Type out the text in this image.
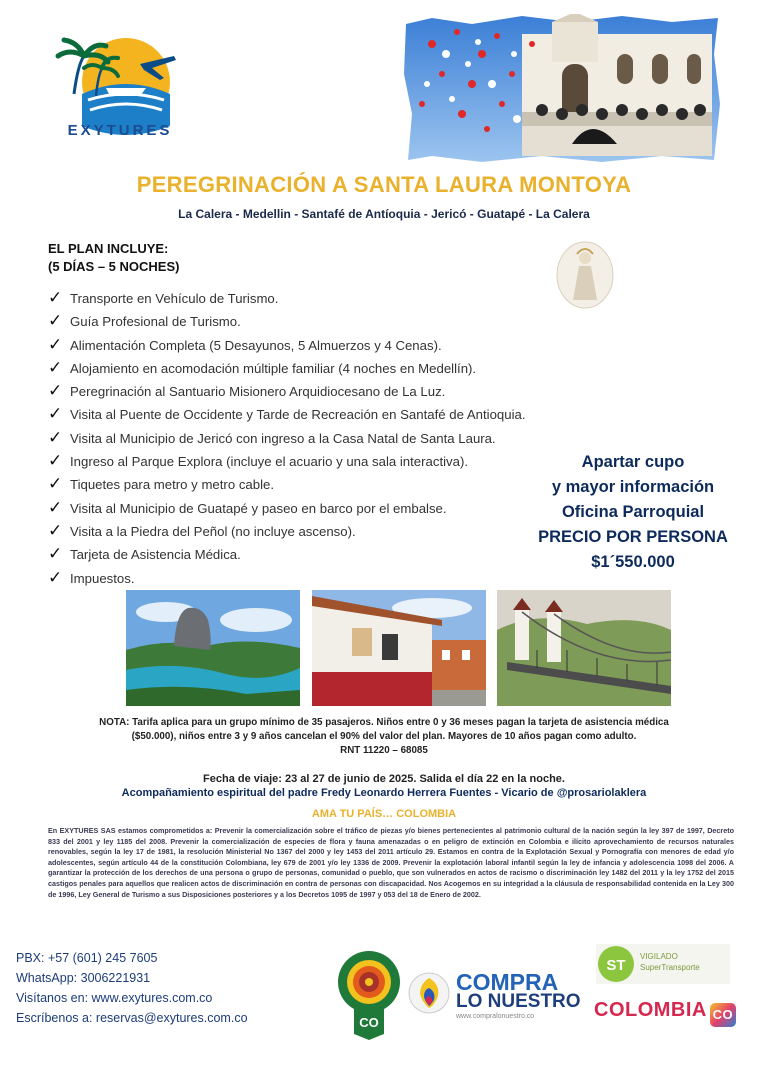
EXYTURES
PEREGRINACIÓN A SANTA LAURA MONTOYA
La Calera - Medellin - Santafé de Antíoquia - Jericó - Guatapé - La Calera
EL PLAN INCLUYE:
(5 DÍAS – 5 NOCHES)
✓ Transporte en Vehículo de Turismo.
✓ Guía Profesional de Turismo.
✓ Alimentación Completa (5 Desayunos, 5 Almuerzos y 4 Cenas).
✓ Alojamiento en acomodación múltiple familiar (4 noches en Medellín).
✓ Peregrinación al Santuario Misionero Arquidiocesano de La Luz.
✓ Visita al Puente de Occidente y Tarde de Recreación en Santafé de Antioquia.
✓ Visita al Municipio de Jericó con ingreso a la Casa Natal de Santa Laura.
✓ Ingreso al Parque Explora (incluye el acuario y una sala interactiva).
✓ Tiquetes para metro y metro cable.
✓ Visita al Municipio de Guatapé y paseo en barco por el embalse.
✓ Visita a la Piedra del Peñol (no incluye ascenso).
✓ Tarjeta de Asistencia Médica.
✓ Impuestos.
Apartar cupo
y mayor información
Oficina Parroquial
PRECIO POR PERSONA
$1´550.000
NOTA: Tarifa aplica para un grupo mínimo de 35 pasajeros. Niños entre 0 y 36 meses pagan la tarjeta de asistencia médica
($50.000), niños entre 3 y 9 años cancelan el 90% del valor del plan. Mayores de 10 años pagan como adulto.
RNT 11220 – 68085
Fecha de viaje: 23 al 27 de junio de 2025. Salida el día 22 en la noche.
Acompañamiento espiritual del padre Fredy Leonardo Herrera Fuentes - Vicario de @prosariolaklera
AMA TU PAÍS… COLOMBIA
En EXYTURES SAS estamos comprometidos a: Prevenir la comercialización sobre el tráfico de piezas y/o bienes pertenecientes al patrimonio cultural de la nación según la ley 397 de 1997, Decreto 833 del 2001 y ley 1185 del 2008. Prevenir la comercialización de especies de flora y fauna amenazadas o en peligro de extinción en Colombia e ilícito aprovechamiento de recursos naturales renovables, según la ley 17 de 1981, la resolución Ministerial No 1367 del 2000 y ley 1453 del 2011 artículo 29. Estamos en contra de la Explotación Sexual y Pornografía con menores de edad y/o adolescentes, según artículo 44 de la constitución Colombiana, ley 679 de 2001 y/o ley 1336 de 2009. Prevenir la explotación laboral infantil según la ley de infancia y adolescencia 1098 del 2006. A garantizar la protección de los derechos de una persona o grupo de personas, comunidad o pueblo, que son vulnerados en actos de racismo o discriminación ley 1482 del 2011 y la ley 1752 del 2015 castigos penales para aquellos que realicen actos de discriminación en contra de personas con discapacidad. Nos Acogemos en su integridad a la cláusula de responsabilidad contenida en la Ley 300 de 1996, Ley General de Turismo a sus Disposiciones posteriores y a los Decretos 1095 de 1997 y 053 del 18 de Enero de 2002.
PBX: +57 (601) 245 7605
WhatsApp: 3006221931
Visítanos en: www.exytures.com.co
Escríbenos a: reservas@exytures.com.co	CO
COMPRA
LO NUESTRO
www.compralonuestro.co
ST
VIGILADO
SuperTransporte
COLOMBIA CO
